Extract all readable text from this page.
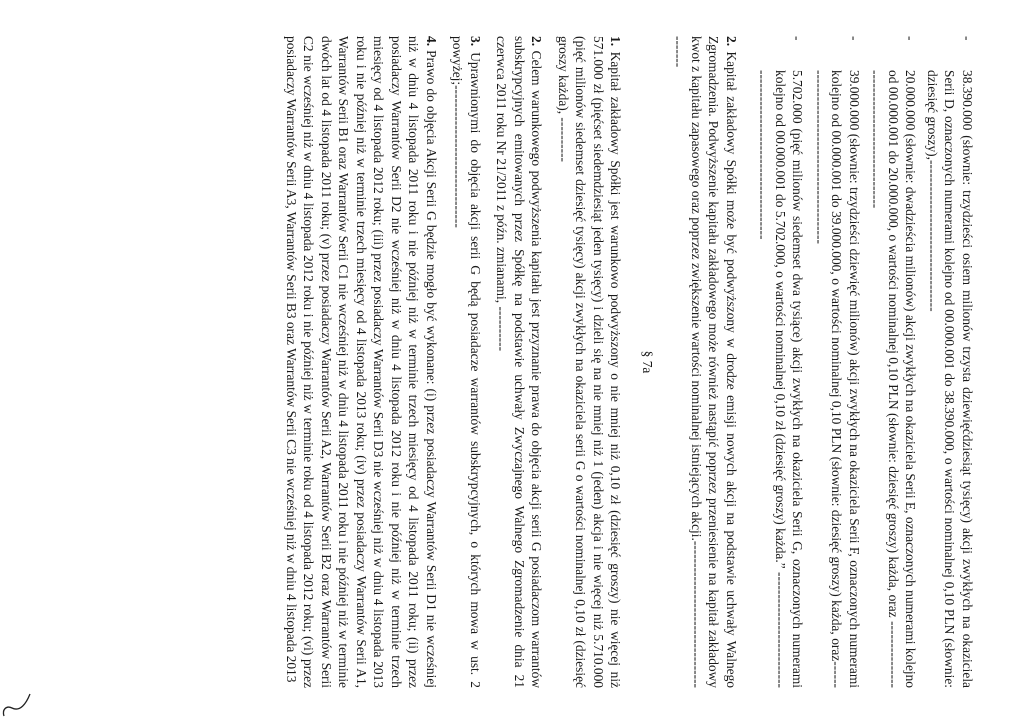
-
38.390.000 (słownie: trzydzieści osiem milionów trzysta dziewięćdziesiąt tysięcy) akcji zwykłych na okaziciela Serii D, oznaczonych numerami kolejno od 00.000.001 do 38.390.000, o wartości nominalnej 0,10 PLN (słownie: dziesięć groszy),----------------------------------
-
20.000.000 (słownie: dwadzieścia milionów) akcji zwykłych na okaziciela Serii E, oznaczonych numerami kolejno od 00.000.001 do 20.000.000, o wartości nominalnej 0,10 PLN (słownie: dziesięć groszy) każda, oraz ----------------------------------------------
-
39.000.000 (słownie: trzydzieści dziewięć milionów) akcji zwykłych na okaziciela Serii F, oznaczonych numerami kolejno od 00.000.001 do 39.000.000, o wartości nominalnej 0,10 PLN (słownie: dziesięć groszy) każda, oraz---------------------------------------------
-
5.702.000 (pięć milionów siedemset dwa tysiące) akcji zwykłych na okaziciela Serii G, oznaczonych numerami kolejno od 00.000.001 do 5.702.000, o wartości nominalnej 0,10 zł (dziesięć groszy) każda.” ----------------------------------------------------------------

2. Kapitał zakładowy Spółki może być podwyższony w drodze emisji nowych akcji na podstawie uchwały Walnego Zgromadzenia. Podwyższenie kapitału zakładowego może również nastąpić poprzez przeniesienie na kapitał zakładowy kwot z kapitału zapasowego oraz poprzez zwiększenie wartości nominalnej istniejących akcji.----------------------------------------

§ 7a

1. Kapitał zakładowy Spółki jest warunkowo podwyższony o nie mniej niż 0,10 zł (dziesięć groszy) nie więcej niż 571.000 zł (pięćset siedemdziesiąt jeden tysięcy) i dzieli się na nie mniej niż 1 (jeden) akcja i nie więcej niż 5.710.000 (pięć milionów siedemset dziesięć tysięcy) akcji zwykłych na okaziciela serii G o wartości nominalnej 0,10 zł (dziesięć groszy każda), ----------

2. Celem warunkowego podwyższenia kapitału jest przyznanie prawa do objęcia akcji serii G posiadaczom warrantów subskrypcyjnych emitowanych przez Spółkę na podstawie uchwały Zwyczajnego Walnego Zgromadzenie dnia 21 czerwca 2011 roku Nr 21/2011 z późn. zmianami, ----------

3. Uprawnionymi do objęcia akcji serii G będą posiadacze warrantów subskrypcyjnych, o których mowa w ust. 2 powyżej;--------------------------------

4. Prawo do objęcia Akcji Serii G będzie mogło być wykonane: (i) przez posiadaczy Warrantów Serii D1 nie wcześniej niż w dniu 4 listopada 2011 roku i nie później niż w terminie trzech miesięcy od 4 listopada 2011 roku; (ii) przez posiadaczy Warrantów Serii D2 nie wcześniej niż w dniu 4 listopada 2012 roku i nie później niż w terminie trzech miesięcy od 4 listopada 2012 roku; (iii) przez posiadaczy Warrantów Serii D3 nie wcześniej niż w dniu 4 listopada 2013 roku i nie później niż w terminie trzech miesięcy od 4 listopada 2013 roku; (iv) przez posiadaczy Warrantów Serii A1, Warrantów Serii B1 oraz Warrantów Serii C1 nie wcześniej niż w dniu 4 listopada 2011 roku i nie później niż w terminie dwóch lat od 4 listopada 2011 roku; (v) przez posiadaczy Warrantów Serii A2, Warrantów Serii B2 oraz Warrantów Serii C2 nie wcześniej niż w dniu 4 listopada 2012 roku i nie później niż w terminie roku od 4 listopada 2012 roku; (vi) przez posiadaczy Warrantów Serii A3, Warrantów Serii B3 oraz Warrantów Serii C3 nie wcześniej niż w dniu 4 listopada 2013
